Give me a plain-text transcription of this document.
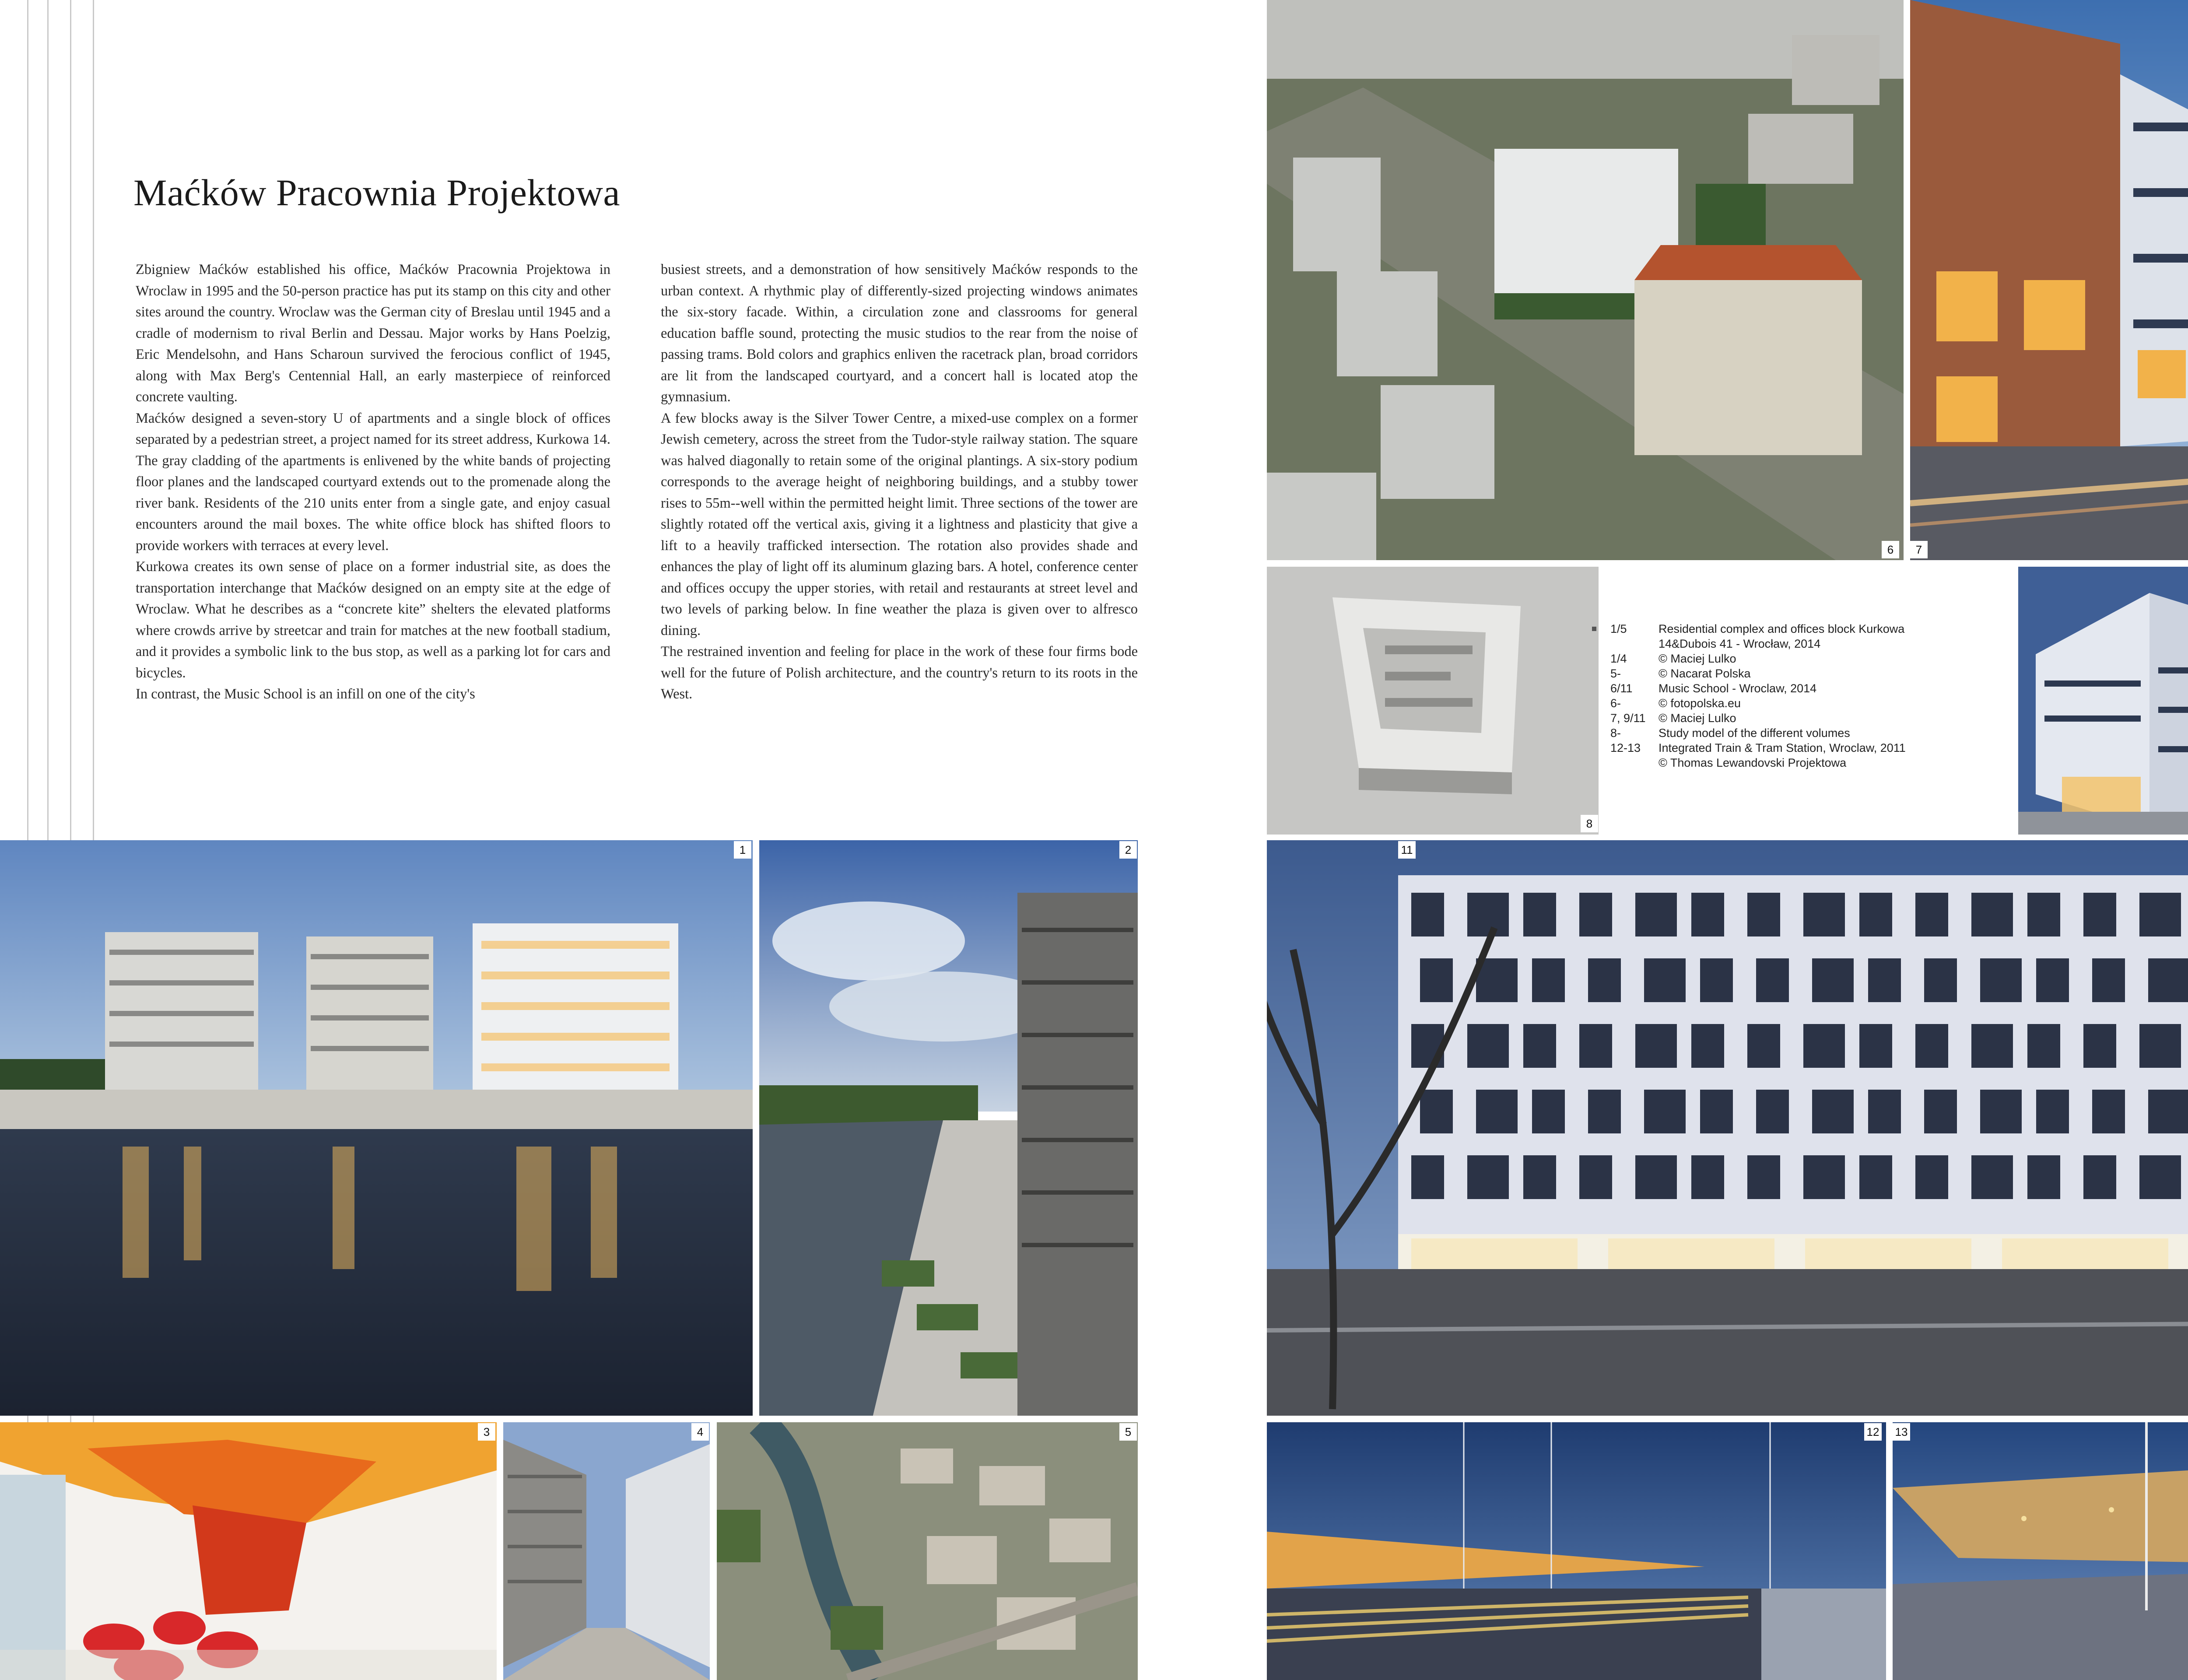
Maćków Pracownia Projektowa

Zbigniew Maćków established his office, Maćków Pracownia Projektowa in Wroclaw in 1995 and the 50-person practice has put its stamp on this city and other sites around the country. Wroclaw was the German city of Breslau until 1945 and a cradle of modernism to rival Berlin and Dessau. Major works by Hans Poelzig, Eric Mendelsohn, and Hans Scharoun survived the ferocious conflict of 1945, along with Max Berg's Centennial Hall, an early masterpiece of reinforced concrete vaulting.

Maćków designed a seven-story U of apartments and a single block of offices separated by a pedestrian street, a project named for its street address, Kurkowa 14. The gray cladding of the apartments is enlivened by the white bands of projecting floor planes and the landscaped courtyard extends out to the promenade along the river bank. Residents of the 210 units enter from a single gate, and enjoy casual encounters around the mail boxes. The white office block has shifted floors to provide workers with terraces at every level.

Kurkowa creates its own sense of place on a former industrial site, as does the transportation interchange that Maćków designed on an empty site at the edge of Wroclaw. What he describes as a “concrete kite” shelters the elevated platforms where crowds arrive by streetcar and train for matches at the new football stadium, and it provides a symbolic link to the bus stop, as well as a parking lot for cars and bicycles.

In contrast, the Music School is an infill on one of the city's

busiest streets, and a demonstration of how sensitively Maćków responds to the urban context. A rhythmic play of differently-sized projecting windows animates the six-story facade. Within, a circulation zone and classrooms for general education baffle sound, protecting the music studios to the rear from the noise of passing trams. Bold colors and graphics enliven the racetrack plan, broad corridors are lit from the landscaped courtyard, and a concert hall is located atop the gymnasium.

A few blocks away is the Silver Tower Centre, a mixed-use complex on a former Jewish cemetery, across the street from the Tudor-style railway station. The square was halved diagonally to retain some of the original plantings. A six-story podium corresponds to the average height of neighboring buildings, and a stubby tower rises to 55m--well within the permitted height limit. Three sections of the tower are slightly rotated off the vertical axis, giving it a lightness and plasticity that give a lift to a heavily trafficked intersection. The rotation also provides shade and enhances the play of light off its aluminum glazing bars. A hotel, conference center and offices occupy the upper stories, with retail and restaurants at street level and two levels of parking below. In fine weather the plaza is given over to alfresco dining.

The restrained invention and feeling for place in the work of these four firms bode well for the future of Polish architecture, and the country's return to its roots in the West.

1	2
3	4	5
6	7
8
1/5	Residential complex and offices block Kurkowa
14&Dubois 41 - Wrocław, 2014
1/4	© Maciej Lulko
5-	© Nacarat Polska
6/11	Music School - Wroclaw, 2014
6-	© fotopolska.eu
7, 9/11	© Maciej Lulko
8-	Study model of the different volumes
12-13	Integrated Train & Tram Station, Wroclaw, 2011
© Thomas Lewandovski Projektowa
11
12 13
